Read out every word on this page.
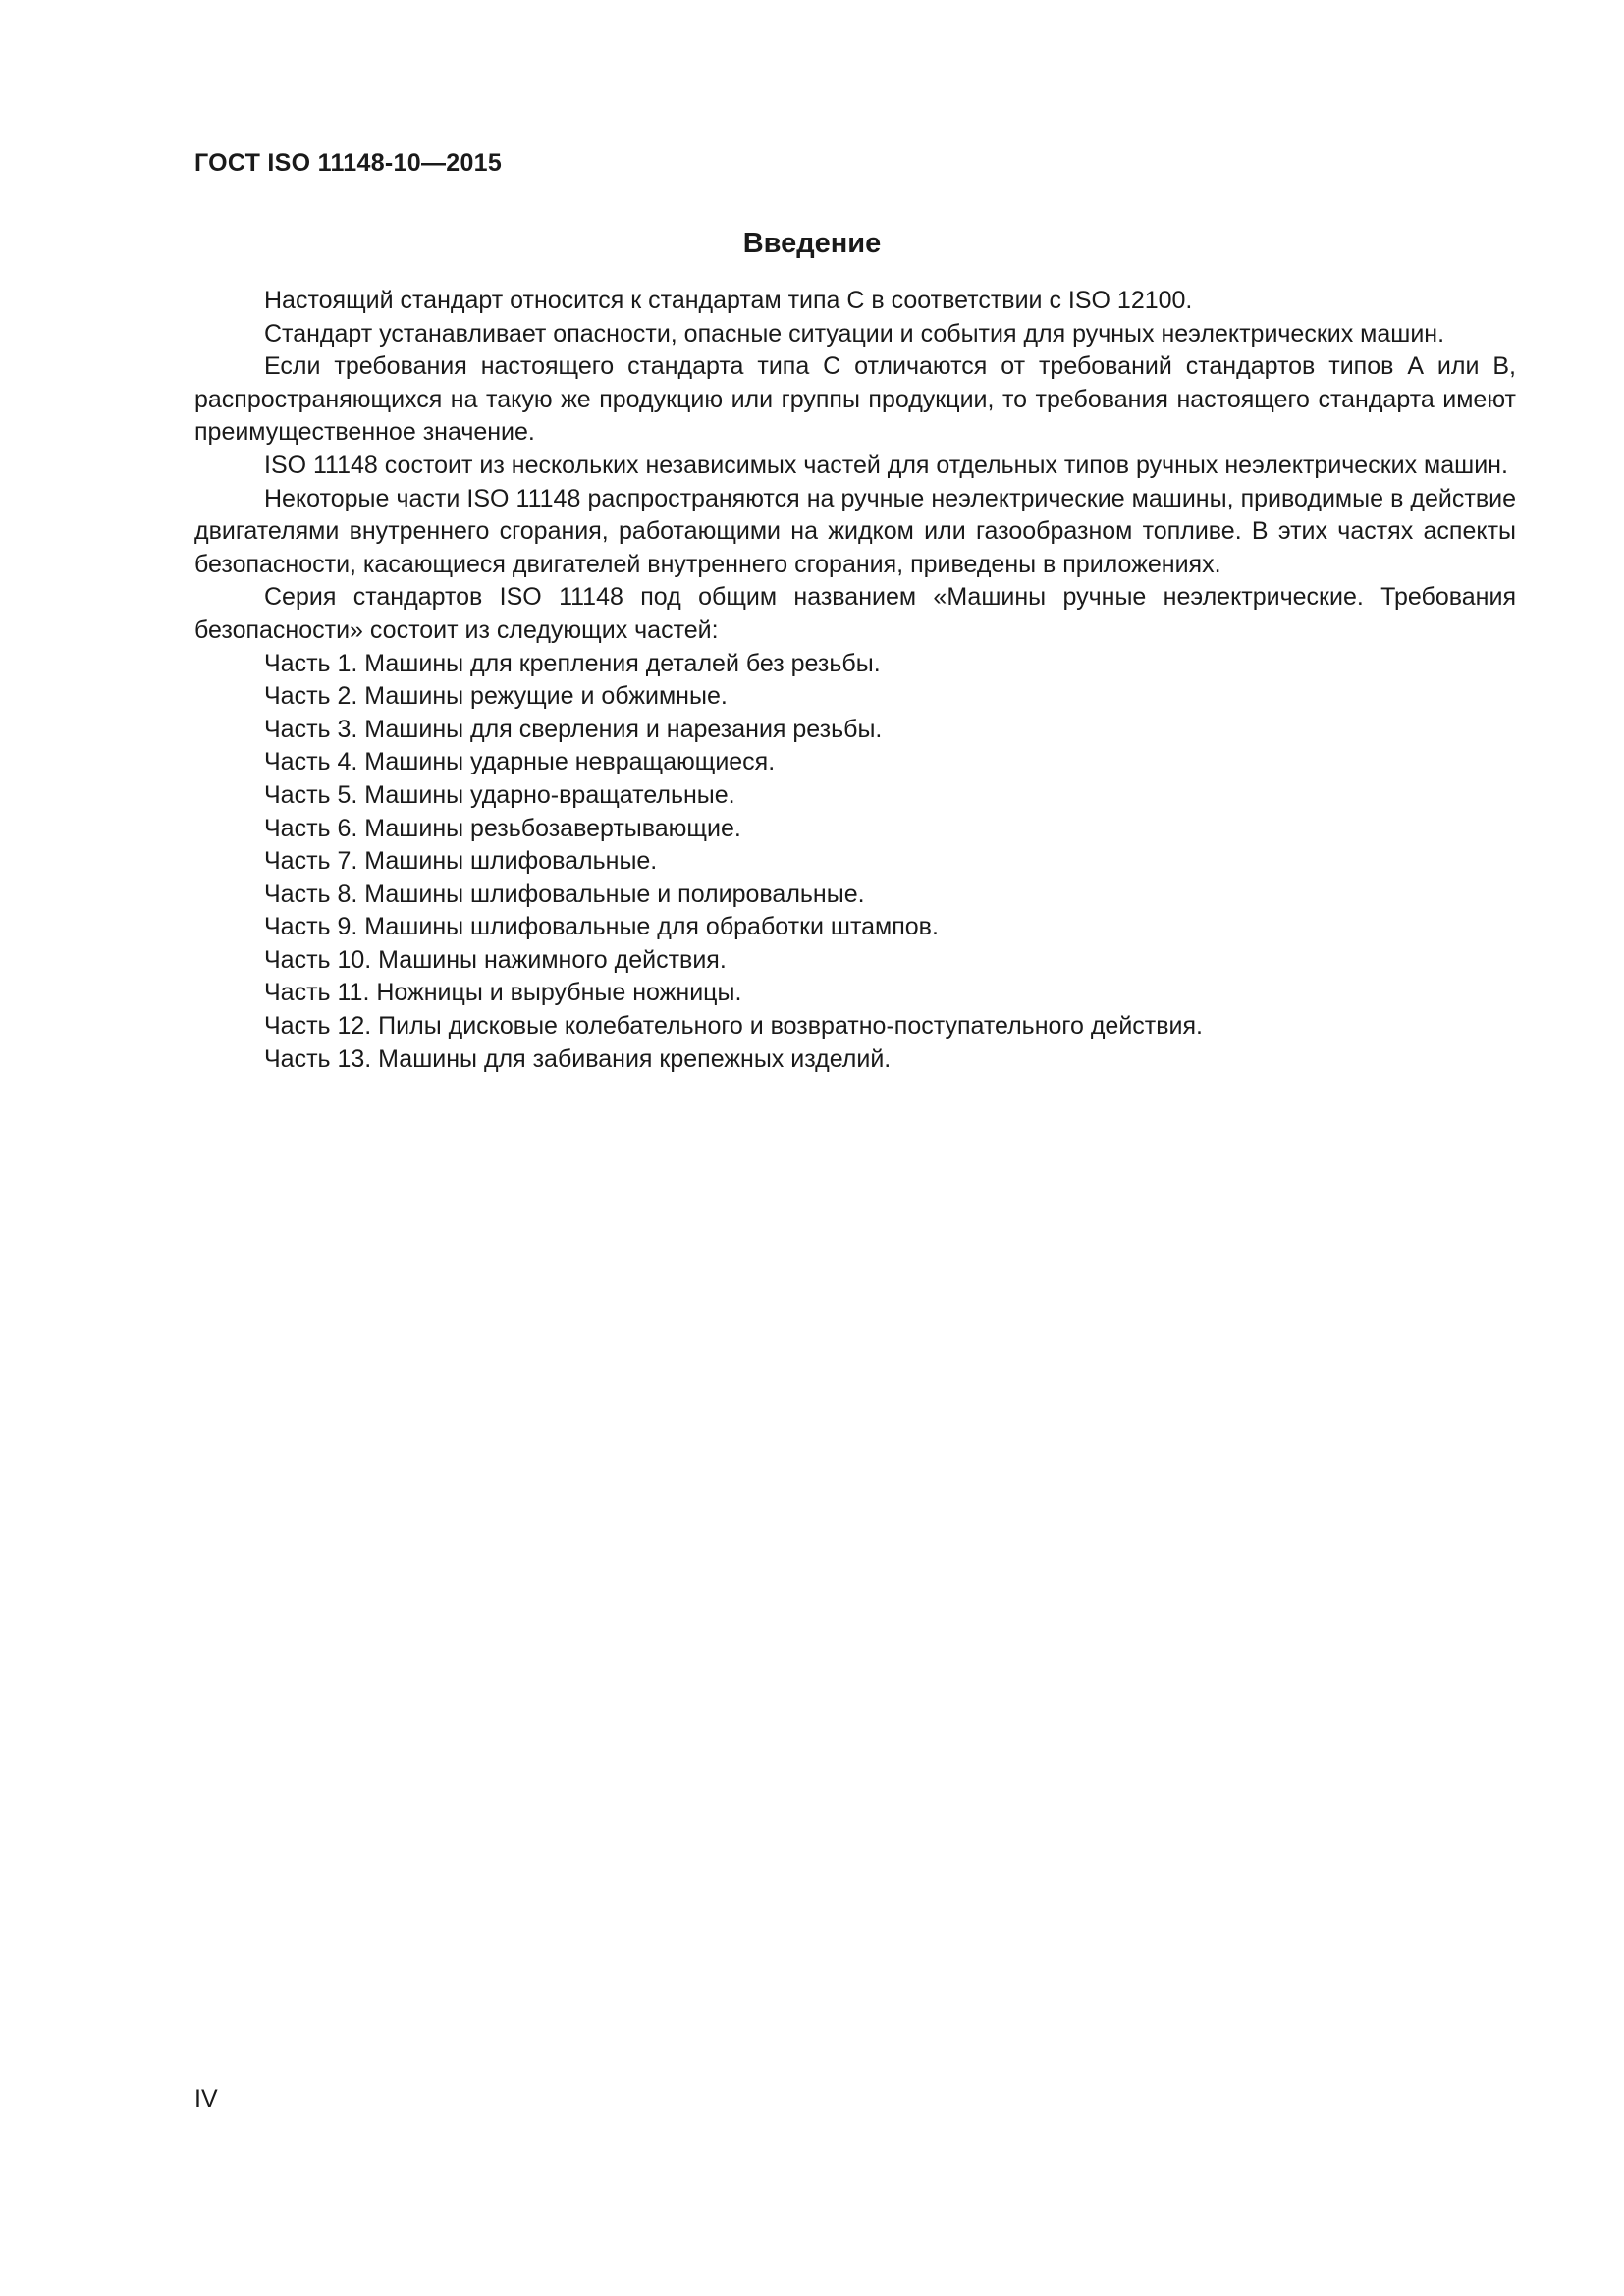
ГОСТ ISO 11148-10—2015
Введение

Настоящий стандарт относится к стандартам типа С в соответствии с ISO 12100.

Стандарт устанавливает опасности, опасные ситуации и события для ручных неэлектрических машин.

Если требования настоящего стандарта типа С отличаются от требований стандартов типов А или В, распространяющихся на такую же продукцию или группы продукции, то требования настоящего стандарта имеют преимущественное значение.

ISO 11148 состоит из нескольких независимых частей для отдельных типов ручных неэлектрических машин.

Некоторые части ISO 11148 распространяются на ручные неэлектрические машины, приводимые в действие двигателями внутреннего сгорания, работающими на жидком или газообразном топливе. В этих частях аспекты безопасности, касающиеся двигателей внутреннего сгорания, приведены в приложениях.

Серия стандартов ISO 11148 под общим названием «Машины ручные неэлектрические. Требования безопасности» состоит из следующих частей:

Часть 1. Машины для крепления деталей без резьбы.
Часть 2. Машины режущие и обжимные.
Часть 3. Машины для сверления и нарезания резьбы.
Часть 4. Машины ударные невращающиеся.
Часть 5. Машины ударно-вращательные.
Часть 6. Машины резьбозавертывающие.
Часть 7. Машины шлифовальные.
Часть 8. Машины шлифовальные и полировальные.
Часть 9. Машины шлифовальные для обработки штампов.
Часть 10. Машины нажимного действия.
Часть 11. Ножницы и вырубные ножницы.
Часть 12. Пилы дисковые колебательного и возвратно-поступательного действия.
Часть 13. Машины для забивания крепежных изделий.
IV
